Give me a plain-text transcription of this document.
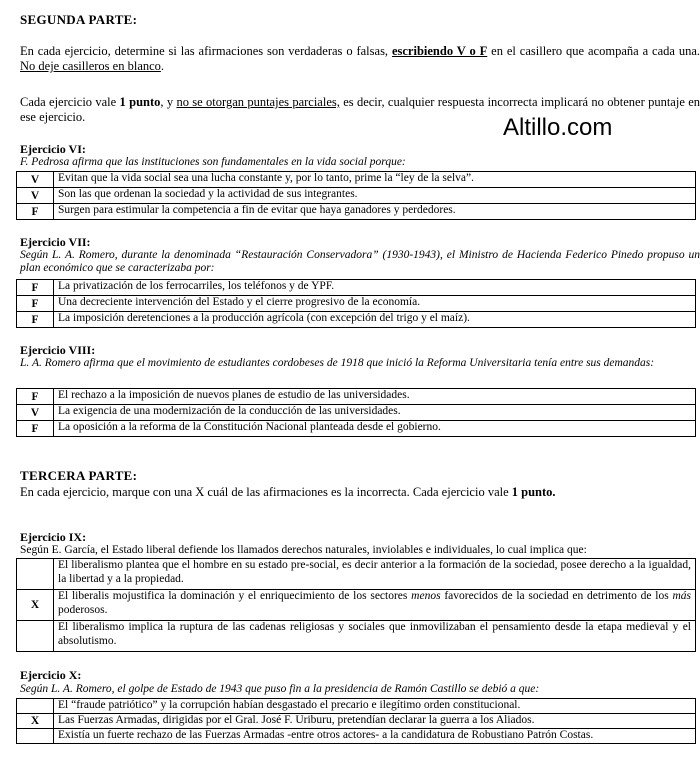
SEGUNDA PARTE:
En cada ejercicio, determine si las afirmaciones son verdaderas o falsas, escribiendo V o F en el casillero que acompaña a cada una. No deje casilleros en blanco.
Cada ejercicio vale 1 punto, y no se otorgan puntajes parciales, es decir, cualquier respuesta incorrecta implicará no obtener puntaje en ese ejercicio.
Ejercicio VI:
F. Pedrosa afirma que las instituciones son fundamentales en la vida social porque:
V	Evitan que la vida social sea una lucha constante y, por lo tanto, prime la “ley de la selva”.
V	Son las que ordenan la sociedad y la actividad de sus integrantes.
F	Surgen para estimular la competencia a fin de evitar que haya ganadores y perdedores.
Ejercicio VII:
Según L. A. Romero, durante la denominada “Restauración Conservadora” (1930-1943), el Ministro de Hacienda Federico Pinedo propuso un plan económico que se caracterizaba por:
F	La privatización de los ferrocarriles, los teléfonos y de YPF.
F	Una decreciente intervención del Estado y el cierre progresivo de la economía.
F	La imposición deretenciones a la producción agrícola (con excepción del trigo y el maíz).
Ejercicio VIII:
L. A. Romero afirma que el movimiento de estudiantes cordobeses de 1918 que inició la Reforma Universitaria tenía entre sus demandas:
F	El rechazo a la imposición de nuevos planes de estudio de las universidades.
V	La exigencia de una modernización de la conducción de las universidades.
F	La oposición a la reforma de la Constitución Nacional planteada desde el gobierno.
TERCERA PARTE:
En cada ejercicio, marque con una X cuál de las afirmaciones es la incorrecta. Cada ejercicio vale 1 punto.
Ejercicio IX:
Según E. García, el Estado liberal defiende los llamados derechos naturales, inviolables e individuales, lo cual implica que:
	El liberalismo plantea que el hombre en su estado pre-social, es decir anterior a la formación de la sociedad, posee derecho a la igualdad, la libertad y a la propiedad.
X	El liberalis mojustifica la dominación y el enriquecimiento de los sectores menos favorecidos de la sociedad en detrimento de los más poderosos.
	El liberalismo implica la ruptura de las cadenas religiosas y sociales que inmovilizaban el pensamiento desde la etapa medieval y el absolutismo.
Ejercicio X:
Según L. A. Romero, el golpe de Estado de 1943 que puso fin a la presidencia de Ramón Castillo se debió a que:
	El “fraude patriótico” y la corrupción habían desgastado el precario e ilegítimo orden constitucional.
X	Las Fuerzas Armadas, dirigidas por el Gral. José F. Uriburu, pretendían declarar la guerra a los Aliados.
	Existía un fuerte rechazo de las Fuerzas Armadas -entre otros actores- a la candidatura de Robustiano Patrón Costas.
Altillo.com
